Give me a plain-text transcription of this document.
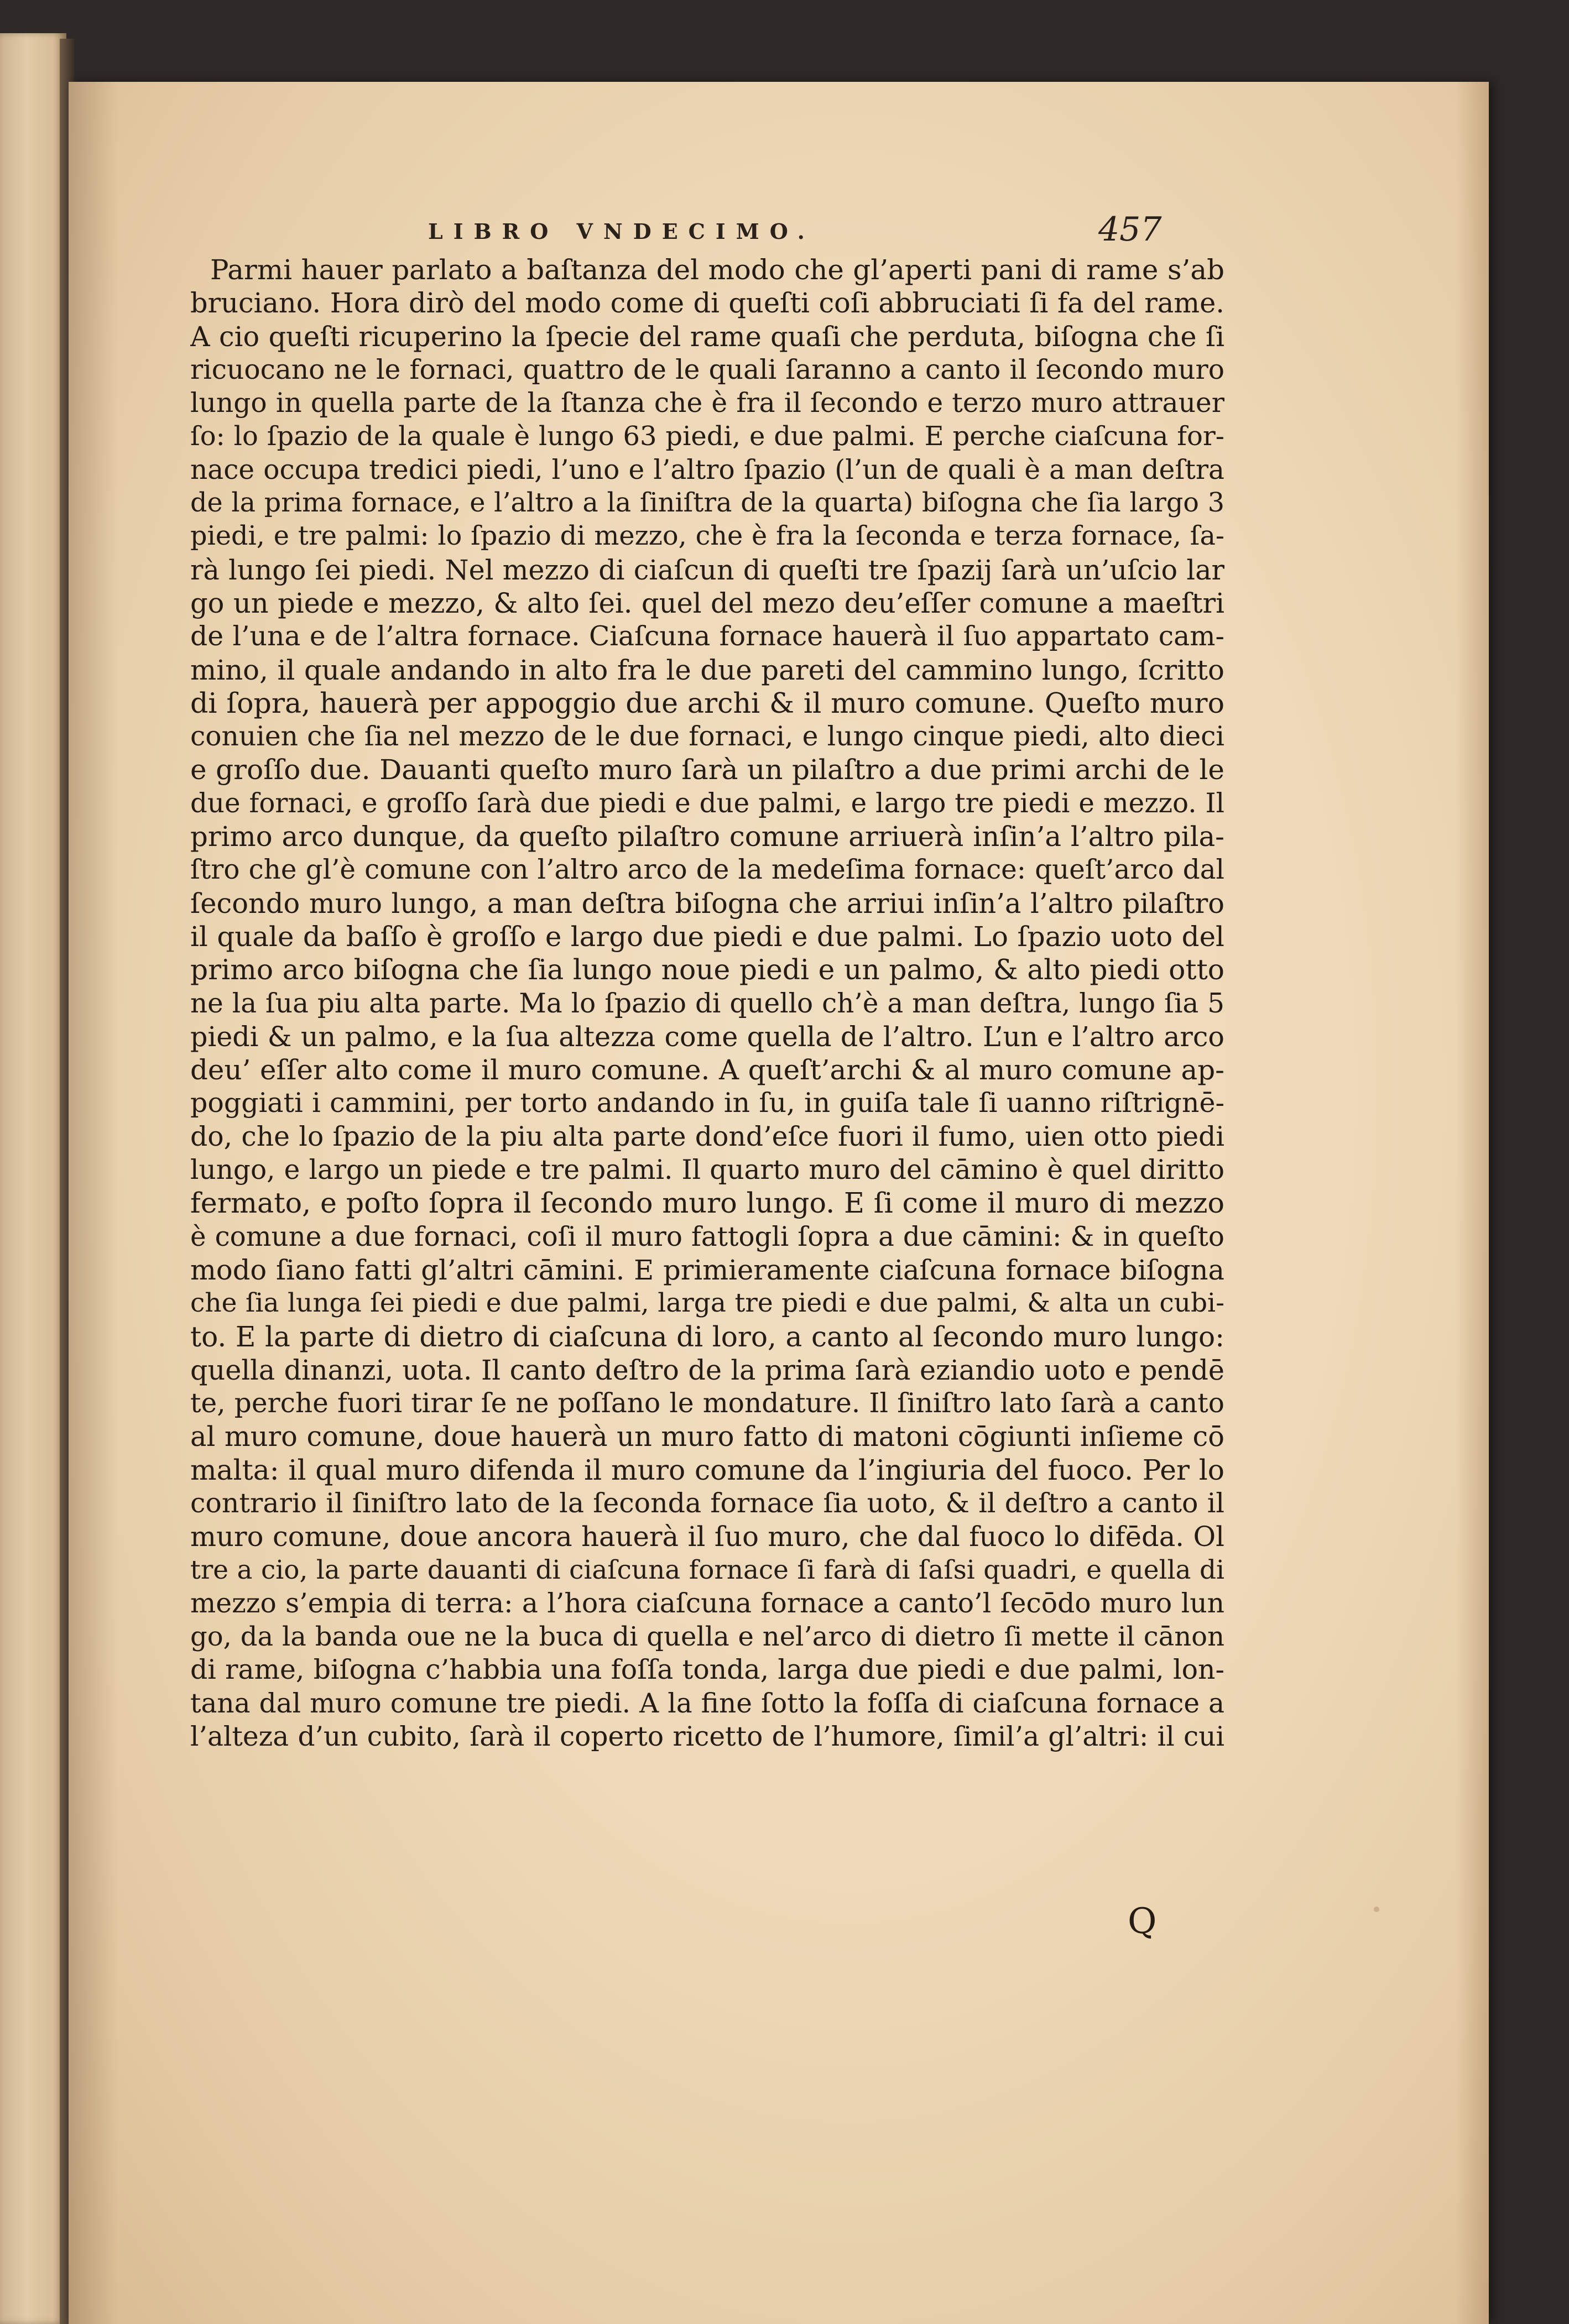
LIBRO VNDECIMO.	457
Parmi hauer parlato a baſtanza del modo che gl’aperti pani di rame s’ab
bruciano. Hora dirò del modo come di queſti coſi abbruciati ſi fa del rame.
A cio queſti ricuperino la ſpecie del rame quaſi che perduta, biſogna che ſi
ricuocano ne le fornaci, quattro de le quali ſaranno a canto il ſecondo muro
lungo in quella parte de la ſtanza che è fra il ſecondo e terzo muro attrauer
ſo: lo ſpazio de la quale è lungo 63 piedi, e due palmi. E perche ciaſcuna for-
nace occupa tredici piedi, l’uno e l’altro ſpazio (l’un de quali è a man deſtra
de la prima fornace, e l’altro a la ſiniſtra de la quarta) biſogna che ſia largo 3
piedi, e tre palmi: lo ſpazio di mezzo, che è fra la ſeconda e terza fornace, ſa-
rà lungo ſei piedi. Nel mezzo di ciaſcun di queſti tre ſpazij ſarà un’uſcio lar
go un piede e mezzo, & alto ſei. quel del mezo deu’eſſer comune a maeſtri
de l’una e de l’altra fornace. Ciaſcuna fornace hauerà il ſuo appartato cam-
mino, il quale andando in alto fra le due pareti del cammino lungo, ſcritto
di ſopra, hauerà per appoggio due archi & il muro comune. Queſto muro
conuien che ſia nel mezzo de le due fornaci, e lungo cinque piedi, alto dieci
e groſſo due. Dauanti queſto muro ſarà un pilaſtro a due primi archi de le
due fornaci, e groſſo ſarà due piedi e due palmi, e largo tre piedi e mezzo. Il
primo arco dunque, da queſto pilaſtro comune arriuerà inſin’a l’altro pila-
ſtro che gl’è comune con l’altro arco de la medeſima fornace: queſt’arco dal
ſecondo muro lungo, a man deſtra biſogna che arriui inſin’a l’altro pilaſtro
il quale da baſſo è groſſo e largo due piedi e due palmi. Lo ſpazio uoto del
primo arco biſogna che ſia lungo noue piedi e un palmo, & alto piedi otto
ne la ſua piu alta parte. Ma lo ſpazio di quello ch’è a man deſtra, lungo ſia 5
piedi & un palmo, e la ſua altezza come quella de l’altro. L’un e l’altro arco
deu’ eſſer alto come il muro comune. A queſt’archi & al muro comune ap-
poggiati i cammini, per torto andando in ſu, in guiſa tale ſi uanno riſtrignē-
do, che lo ſpazio de la piu alta parte dond’eſce fuori il fumo, uien otto piedi
lungo, e largo un piede e tre palmi. Il quarto muro del cāmino è quel diritto
fermato, e poſto ſopra il ſecondo muro lungo. E ſi come il muro di mezzo
è comune a due fornaci, coſi il muro fattogli ſopra a due cāmini: & in queſto
modo ſiano fatti gl’altri cāmini. E primieramente ciaſcuna fornace biſogna
che ſia lunga ſei piedi e due palmi, larga tre piedi e due palmi, & alta un cubi-
to. E la parte di dietro di ciaſcuna di loro, a canto al ſecondo muro lungo:
quella dinanzi, uota. Il canto deſtro de la prima ſarà eziandio uoto e pendē
te, perche fuori tirar ſe ne poſſano le mondature. Il ſiniſtro lato ſarà a canto
al muro comune, doue hauerà un muro fatto di matoni cōgiunti inſieme cō
malta: il qual muro difenda il muro comune da l’ingiuria del fuoco. Per lo
contrario il ſiniſtro lato de la ſeconda fornace ſia uoto, & il deſtro a canto il
muro comune, doue ancora hauerà il ſuo muro, che dal fuoco lo difēda. Ol
tre a cio, la parte dauanti di ciaſcuna fornace ſi farà di ſaſsi quadri, e quella di
mezzo s’empia di terra: a l’hora ciaſcuna fornace a canto’l ſecōdo muro lun
go, da la banda oue ne la buca di quella e nel’arco di dietro ſi mette il cānon
di rame, biſogna c’habbia una foſſa tonda, larga due piedi e due palmi, lon-
tana dal muro comune tre piedi. A la fine ſotto la foſſa di ciaſcuna fornace a
l’alteza d’un cubito, ſarà il coperto ricetto de l’humore, ſimil’a gl’altri: il cui
Q
